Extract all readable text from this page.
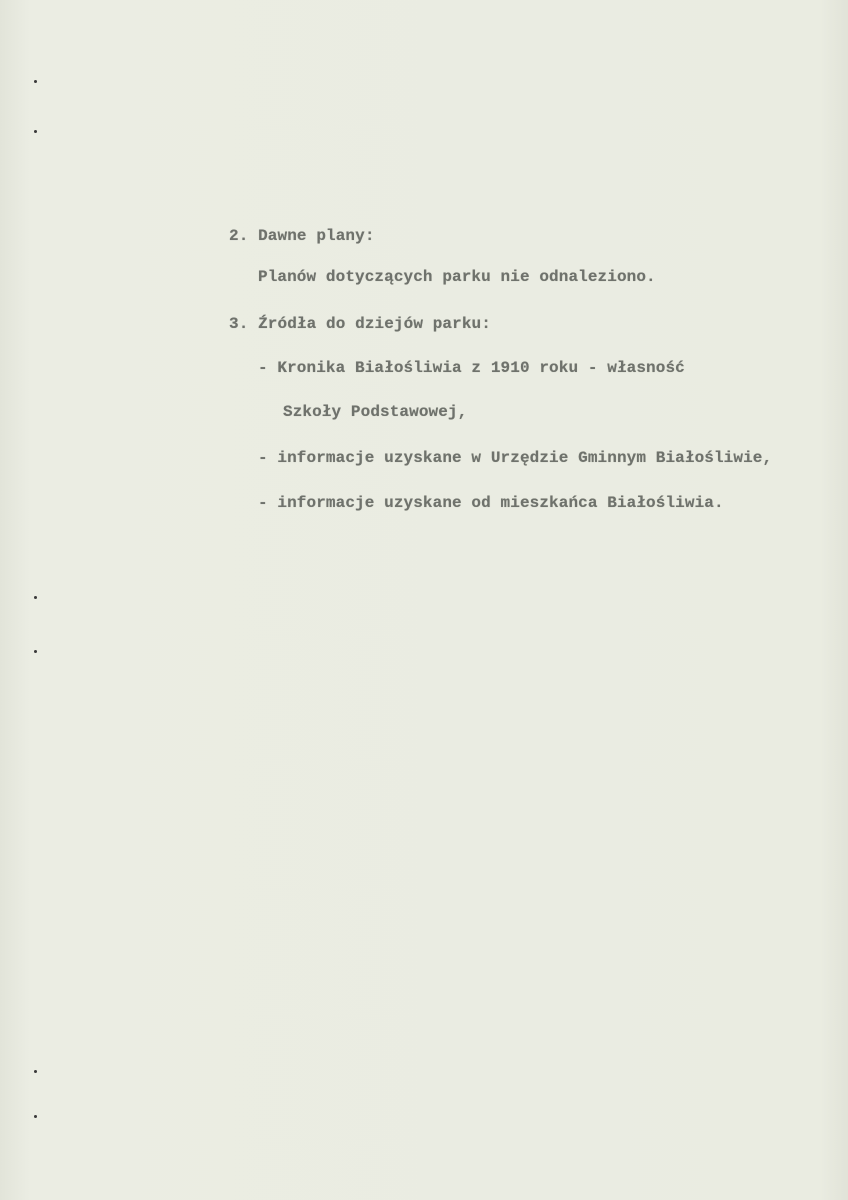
2. Dawne plany:
Planów dotyczących parku nie odnaleziono.
3. Źródła do dziejów parku:
- Kronika Białośliwia z 1910 roku - własność
Szkoły Podstawowej,
- informacje uzyskane w Urzędzie Gminnym Białośliwie,
- informacje uzyskane od mieszkańca Białośliwia.
